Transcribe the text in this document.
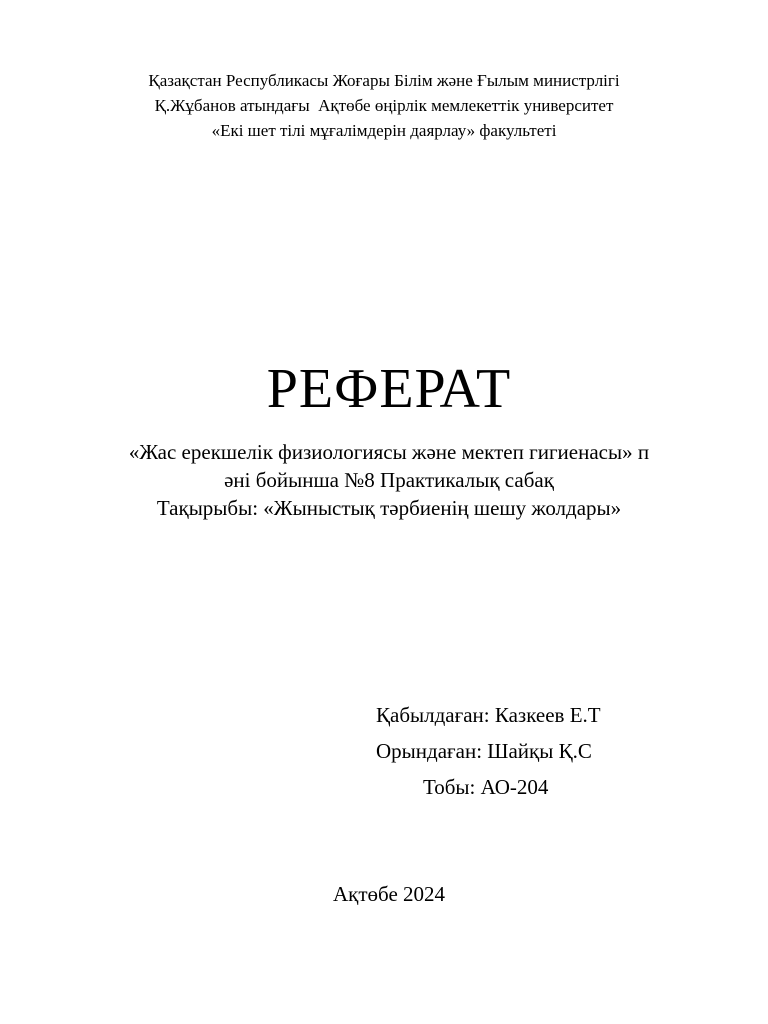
Қазақстан Республикасы Жоғары Білім және Ғылым министрлігі
Қ.Жұбанов атындағы  Ақтөбе өңірлік мемлекеттік университет
«Екі шет тілі мұғалімдерін даярлау» факультеті
РЕФЕРАТ
«Жас ерекшелік физиологиясы және мектеп гигиенасы» п
әні бойынша №8 Практикалық сабақ
Тақырыбы: «Жыныстық тәрбиенің шешу жолдары»
Қабылдаған: Казкеев Е.Т
Орындаған: Шайқы Қ.С
Тобы: АО-204
Ақтөбе 2024
